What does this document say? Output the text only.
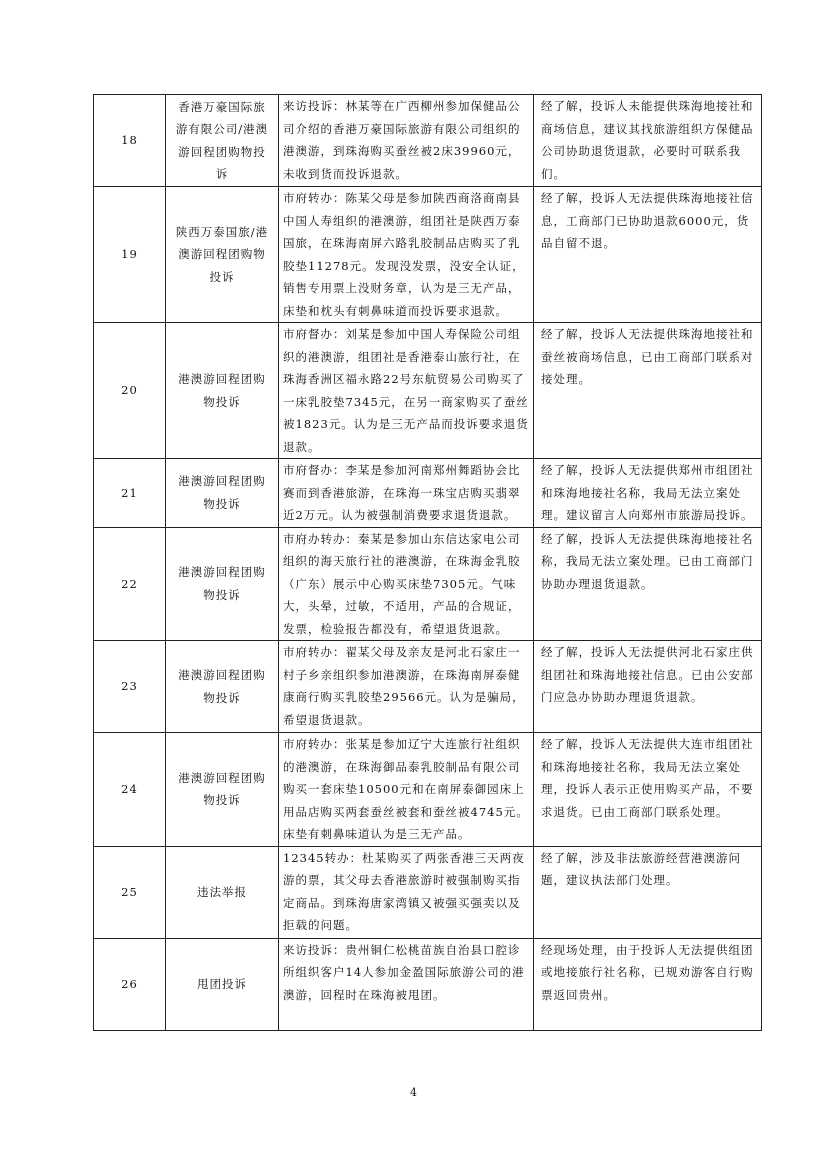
18	香港万豪国际旅游有限公司/港澳游回程团购物投诉	来访投诉：林某等在广西柳州参加保健品公司介绍的香港万豪国际旅游有限公司组织的港澳游，到珠海购买蚕丝被2床39960元，未收到货而投诉退款。	经了解，投诉人未能提供珠海地接社和商场信息，建议其找旅游组织方保健品公司协助退货退款，必要时可联系我们。
19	陕西万泰国旅/港澳游回程团购物投诉	市府转办：陈某父母是参加陕西商洛商南县中国人寿组织的港澳游，组团社是陕西万泰国旅，在珠海南屏六路乳胶制品店购买了乳胶垫11278元。发现没发票，没安全认证，销售专用票上没财务章，认为是三无产品，床垫和枕头有刺鼻味道而投诉要求退款。	经了解，投诉人无法提供珠海地接社信息，工商部门已协助退款6000元，货品自留不退。
20	港澳游回程团购物投诉	市府督办：刘某是参加中国人寿保险公司组织的港澳游，组团社是香港泰山旅行社，在珠海香洲区福永路22号东航贸易公司购买了一床乳胶垫7345元，在另一商家购买了蚕丝被1823元。认为是三无产品而投诉要求退货退款。	经了解，投诉人无法提供珠海地接社和蚕丝被商场信息，已由工商部门联系对接处理。
21	港澳游回程团购物投诉	市府督办：李某是参加河南郑州舞蹈协会比赛而到香港旅游，在珠海一珠宝店购买翡翠近2万元。认为被强制消费要求退货退款。	经了解，投诉人无法提供郑州市组团社和珠海地接社名称，我局无法立案处理。建议留言人向郑州市旅游局投诉。
22	港澳游回程团购物投诉	市府办转办：秦某是参加山东信达家电公司组织的海天旅行社的港澳游，在珠海金乳胶（广东）展示中心购买床垫7305元。气味大，头晕，过敏，不适用，产品的合规证，发票，检验报告都没有，希望退货退款。	经了解，投诉人无法提供珠海地接社名称，我局无法立案处理。已由工商部门协助办理退货退款。
23	港澳游回程团购物投诉	市府转办：翟某父母及亲友是河北石家庄一村子乡亲组织参加港澳游，在珠海南屏泰健康商行购买乳胶垫29566元。认为是骗局，希望退货退款。	经了解，投诉人无法提供河北石家庄供组团社和珠海地接社信息。已由公安部门应急办协助办理退货退款。
24	港澳游回程团购物投诉	市府转办：张某是参加辽宁大连旅行社组织的港澳游，在珠海御品泰乳胶制品有限公司购买一套床垫10500元和在南屏泰御园床上用品店购买两套蚕丝被套和蚕丝被4745元。床垫有刺鼻味道认为是三无产品。	经了解，投诉人无法提供大连市组团社和珠海地接社名称，我局无法立案处理，投诉人表示正使用购买产品，不要求退货。已由工商部门联系处理。
25	违法举报	12345转办：杜某购买了两张香港三天两夜游的票，其父母去香港旅游时被强制购买指定商品。到珠海唐家湾镇又被强买强卖以及拒载的问题。	经了解，涉及非法旅游经营港澳游问题，建议执法部门处理。
26	甩团投诉	来访投诉：贵州铜仁松桃苗族自治县口腔诊所组织客户14人参加金盈国际旅游公司的港澳游，回程时在珠海被甩团。	经现场处理，由于投诉人无法提供组团或地接旅行社名称，已规劝游客自行购票返回贵州。
4
